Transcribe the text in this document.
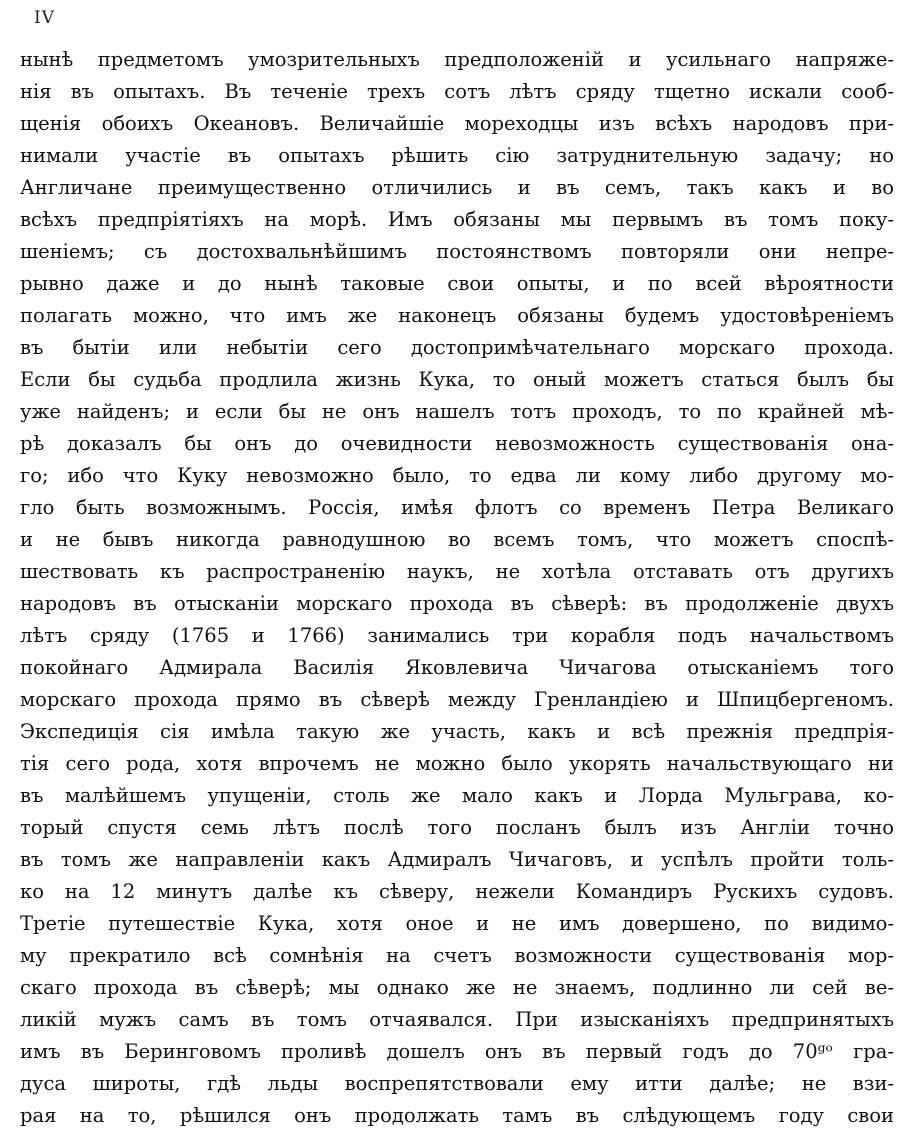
IV
нынѣ предметомъ умозрительныхъ предположеній и усильнаго напряже-
нія въ опытахъ. Въ теченіе трехъ сотъ лѣтъ сряду тщетно искали сооб-
щенія обоихъ Океановъ. Величайшіе мореходцы изъ всѣхъ народовъ при-
нимали участіе въ опытахъ рѣшить сію затруднительную задачу; но
Англичане преимущественно отличились и въ семъ, такъ какъ и во
всѣхъ предпріятіяхъ на морѣ. Имъ обязаны мы первымъ въ томъ поку-
шеніемъ; съ достохвальнѣйшимъ постоянствомъ повторяли они непре-
рывно даже и до нынѣ таковые свои опыты, и по всей вѣроятности
полагать можно, что имъ же наконецъ обязаны будемъ удостовѣреніемъ
въ бытіи или небытіи сего достопримѣчательнаго морскаго прохода.
Если бы судьба продлила жизнь Кука, то оный можетъ статься былъ бы
уже найденъ; и если бы не онъ нашелъ тотъ проходъ, то по крайней мѣ-
рѣ доказалъ бы онъ до очевидности невозможность существованія она-
го; ибо что Куку невозможно было, то едва ли кому либо другому мо-
гло быть возможнымъ. Россія, имѣя флотъ со временъ Петра Великаго
и не бывъ никогда равнодушною во всемъ томъ, что можетъ споспѣ-
шествовать къ распространенію наукъ, не хотѣла отставать отъ другихъ
народовъ въ отысканіи морскаго прохода въ сѣверѣ: въ продолженіе двухъ
лѣтъ сряду (1765 и 1766) занимались три корабля подъ начальствомъ
покойнаго Адмирала Василія Яковлевича Чичагова отысканіемъ того
морскаго прохода прямо въ сѣверѣ между Гренландіею и Шпицбергеномъ.
Экспедиція сія имѣла такую же участь, какъ и всѣ прежнія предпрія-
тія сего рода, хотя впрочемъ не можно было укорять начальствующаго ни
въ малѣйшемъ упущеніи, столь же мало какъ и Лорда Мульграва, ко-
торый спустя семь лѣтъ послѣ того посланъ былъ изъ Англіи точно
въ томъ же направленіи какъ Адмиралъ Чичаговъ, и успѣлъ пройти толь-
ко на 12 минутъ далѣе къ сѣверу, нежели Командиръ Рускихъ судовъ.
Третіе путешествіе Кука, хотя оное и не имъ довершено, по видимо-
му прекратило всѣ сомнѣнія на счетъ возможности существованія мор-
скаго прохода въ сѣверѣ; мы однако же не знаемъ, подлинно ли сей ве-
ликій мужъ самъ въ томъ отчаявался. При изысканіяхъ предпринятыхъ
имъ въ Беринговомъ проливѣ дошелъ онъ въ первый годъ до 70ᵍᵒ гра-
дуса широты, гдѣ льды воспрепятствовали ему итти далѣе; не взи-
рая на то, рѣшился онъ продолжать тамъ въ слѣдующемъ году свои
